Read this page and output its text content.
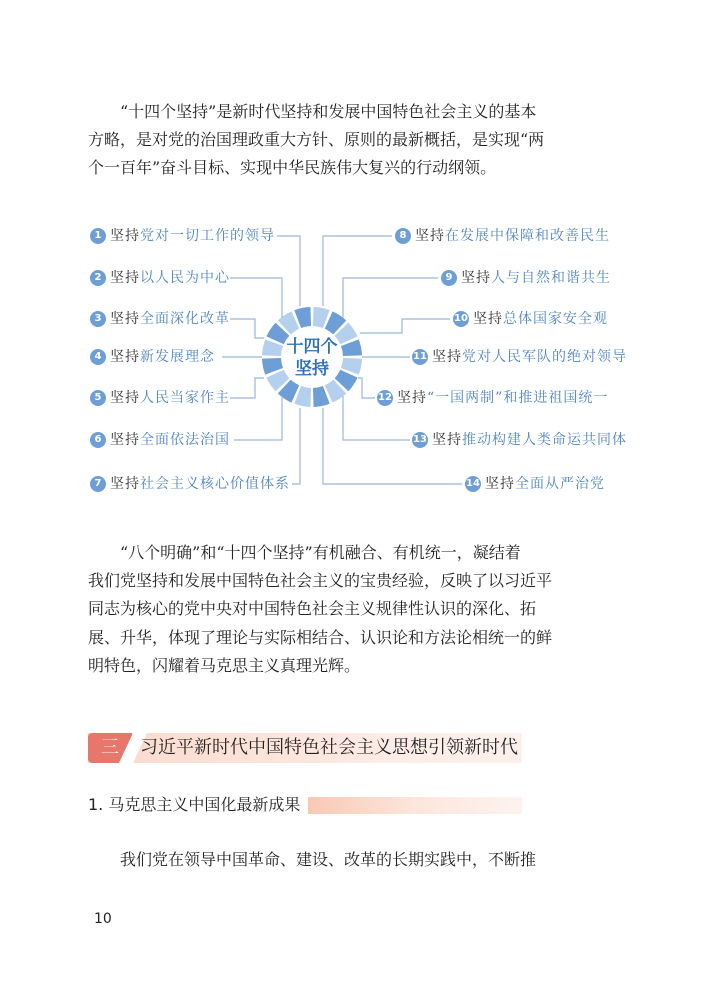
“十四个坚持”是新时代坚持和发展中国特色社会主义的基本
方略，是对党的治国理政重大方针、原则的最新概括，是实现“两
个一百年”奋斗目标、实现中华民族伟大复兴的行动纲领。
十四个
坚持
1 坚持 党对一切工作的领导
2 坚持 以人民为中心
3 坚持 全面深化改革
4 坚持 新发展理念
5 坚持 人民当家作主
6 坚持 全面依法治国
7 坚持 社会主义核心价值体系
8 坚持 在发展中保障和改善民生
9 坚持 人与自然和谐共生
10 坚持 总体国家安全观
11 坚持 党对人民军队的绝对领导
12 坚持 “一国两制”和推进祖国统一
13 坚持 推动构建人类命运共同体
14 坚持 全面从严治党
“八个明确”和“十四个坚持”有机融合、有机统一，凝结着
我们党坚持和发展中国特色社会主义的宝贵经验，反映了以习近平
同志为核心的党中央对中国特色社会主义规律性认识的深化、拓
展、升华，体现了理论与实际相结合、认识论和方法论相统一的鲜
明特色，闪耀着马克思主义真理光辉。
三	习近平新时代中国特色社会主义思想引领新时代
1. 马克思主义中国化最新成果
我们党在领导中国革命、建设、改革的长期实践中，不断推
10
